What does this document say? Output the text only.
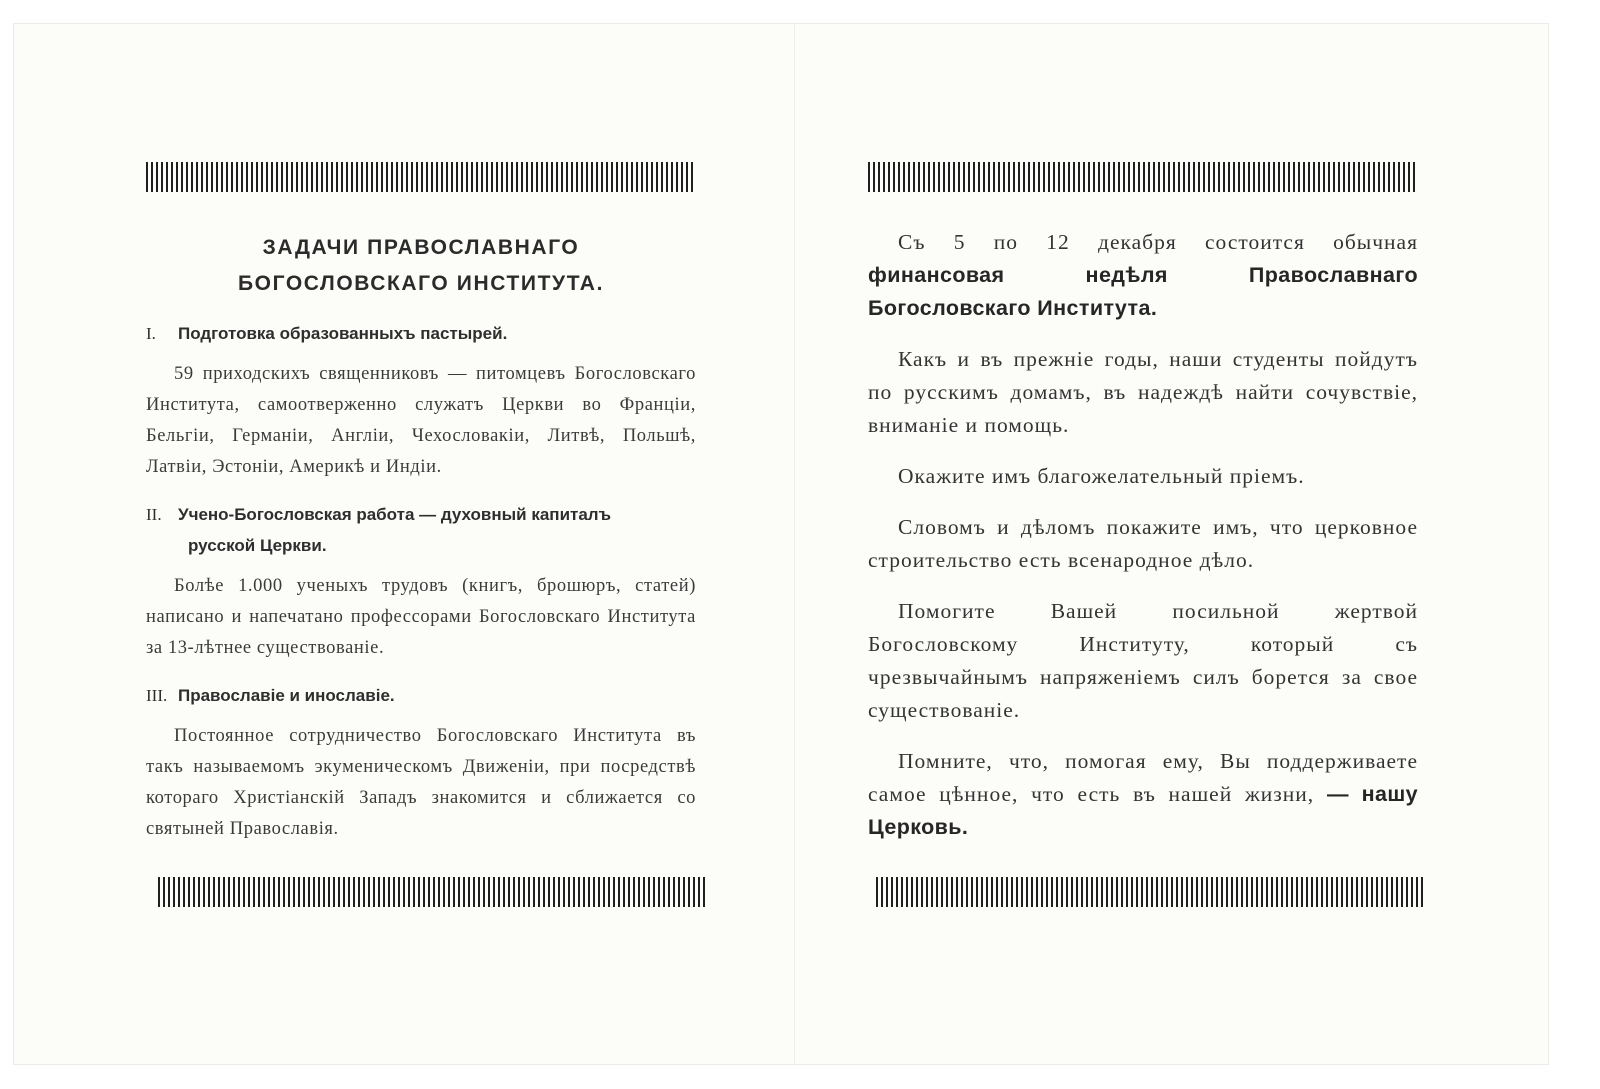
ЗАДАЧИ ПРАВОСЛАВНАГО
БОГОСЛОВСКАГО ИНСТИТУТА.
I. Подготовка образованныхъ пастырей.

59 приходскихъ священниковъ — питомцевъ Богословскаго Института, самоотверженно служатъ Церкви во Франціи, Бельгіи, Германіи, Англіи, Чехословакіи, Литвѣ, Польшѣ, Латвіи, Эстоніи, Америкѣ и Индіи.

II. Учено-Богословская работа — духовный капиталъ
русской Церкви.

Болѣе 1.000 ученыхъ трудовъ (книгъ, брошюръ, статей) написано и напечатано профессорами Богословскаго Института за 13-лѣтнее существованіе.

III. Православіе и инославіе.

Постоянное сотрудничество Богословскаго Института въ такъ называемомъ экуменическомъ Движеніи, при посредствѣ котораго Христіанскій Западъ знакомится и сближается со святыней Православія.

Съ 5 по 12 декабря состоится обычная финансовая недѣля Православнаго Богословскаго Института.

Какъ и въ прежніе годы, наши студенты пойдутъ по русскимъ домамъ, въ надеждѣ найти сочувствіе, вниманіе и помощь.

Окажите имъ благожелательный пріемъ.

Словомъ и дѣломъ покажите имъ, что церковное строительство есть всенародное дѣло.

Помогите Вашей посильной жертвой Богословскому Институту, который съ чрезвычайнымъ напряженіемъ силъ борется за свое существованіе.

Помните, что, помогая ему, Вы поддерживаете самое цѣнное, что есть въ нашей жизни, — нашу Церковь.
